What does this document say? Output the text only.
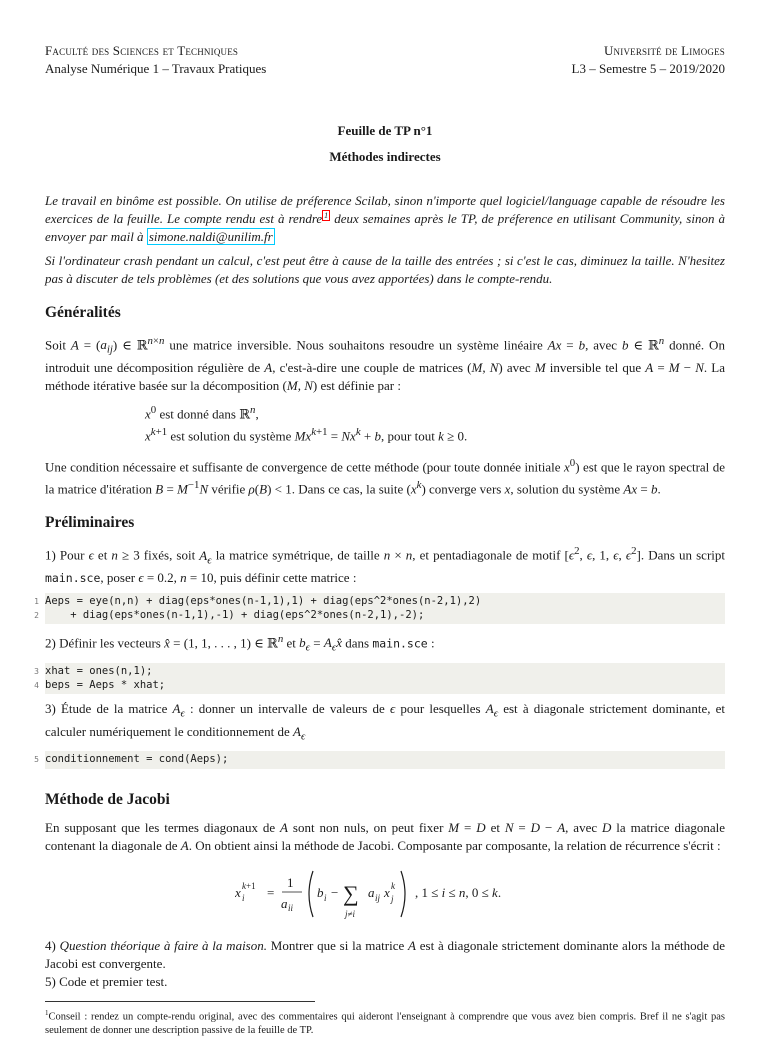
Faculté des Sciences et Techniques
Analyse Numérique 1 – Travaux Pratiques
Université de Limoges
L3 – Semestre 5 – 2019/2020
Feuille de TP n°1
Méthodes indirectes

Le travail en binôme est possible. On utilise de préference Scilab, sinon n'importe quel logiciel/language capable de résoudre les exercices de la feuille. Le compte rendu est à rendre $^1$ deux semaines après le TP, de préference en utilisant Community, sinon à envoyer par mail à simone.naldi@unilim.fr

Si l'ordinateur crash pendant un calcul, c'est peut être à cause de la taille des entrées ; si c'est le cas, diminuez la taille. N'hesitez pas à discuter de tels problèmes (et des solutions que vous avez apportées) dans le compte-rendu.

Généralités

Soit $A = (a_{ij})$ ∈ ℝ$^{n\times n}$ une matrice inversible. Nous souhaitons resoudre un système linéaire Ax = b, avec b ∈ ℝ$^n$ donné. On introduit une décomposition régulière de A, c'est-à-dire une couple de matrices (M, N) avec M inversible tel que A = M − N. La méthode itérative basée sur la décomposition (M, N) est définie par :

$x^0$ est donné dans ℝ$^n$,
$x^{k+1}$ est solution du système $Mx^{k+1} = Nx^k + b$, pour tout k ≥ 0.

Une condition nécessaire et suffisante de convergence de cette méthode (pour toute donnée initiale $x^0$) est que le rayon spectral de la matrice d'itération $B = M^{-1}N$ vérifie ρ(B) < 1. Dans ce cas, la suite $(x^k)$ converge vers x, solution du système Ax = b.

Préliminaires

1) Pour ϵ et n ≥ 3 fixés, soit $A_\epsilon$ la matrice symétrique, de taille n × n, et pentadiagonale de motif [$\epsilon^2$, ϵ, 1, ϵ, $\epsilon^2$]. Dans un script main.sce, poser ϵ = 0.2, n = 10, puis définir cette matrice :

1 Aeps = eye(n,n) + diag(eps*ones(n-1,1),1) + diag(eps^2*ones(n-2,1),2)
2 + diag(eps*ones(n-1,1),-1) + diag(eps^2*ones(n-2,1),-2);

2) Définir les vecteurs x̂ = (1, 1, . . . , 1) ∈ ℝ$^n$ et $b_\epsilon$ = $A_\epsilon x̂$ dans main.sce :

3 xhat = ones(n,1);
4 beps = Aeps * xhat;

3) Étude de la matrice $A_\epsilon$ : donner un intervalle de valeurs de ϵ pour lesquelles $A_\epsilon$ est à diagonale strictement dominante, et calculer numériquement le conditionnement de $A_\epsilon$

5 conditionnement = cond(Aeps);
Méthode de Jacobi

En supposant que les termes diagonaux de A sont non nuls, on peut fixer M = D et N = D − A, avec D la matrice diagonale contenant la diagonale de A. On obtient ainsi la méthode de Jacobi. Composante par composante, la relation de récurrence s'écrit :

x i
k+1 =
1
a ii
b i − ∑
j≠i
a ij x j
k , 1 ≤ i ≤ n, 0 ≤ k.

4) Question théorique à faire à la maison. Montrer que si la matrice A est à diagonale strictement dominante alors la méthode de Jacobi est convergente.

5) Code et premier test.

$^1$Conseil : rendez un compte-rendu original, avec des commentaires qui aideront l'enseignant à comprendre que vous avez bien compris. Bref il ne s'agit pas seulement de donner une description passive de la feuille de TP.
